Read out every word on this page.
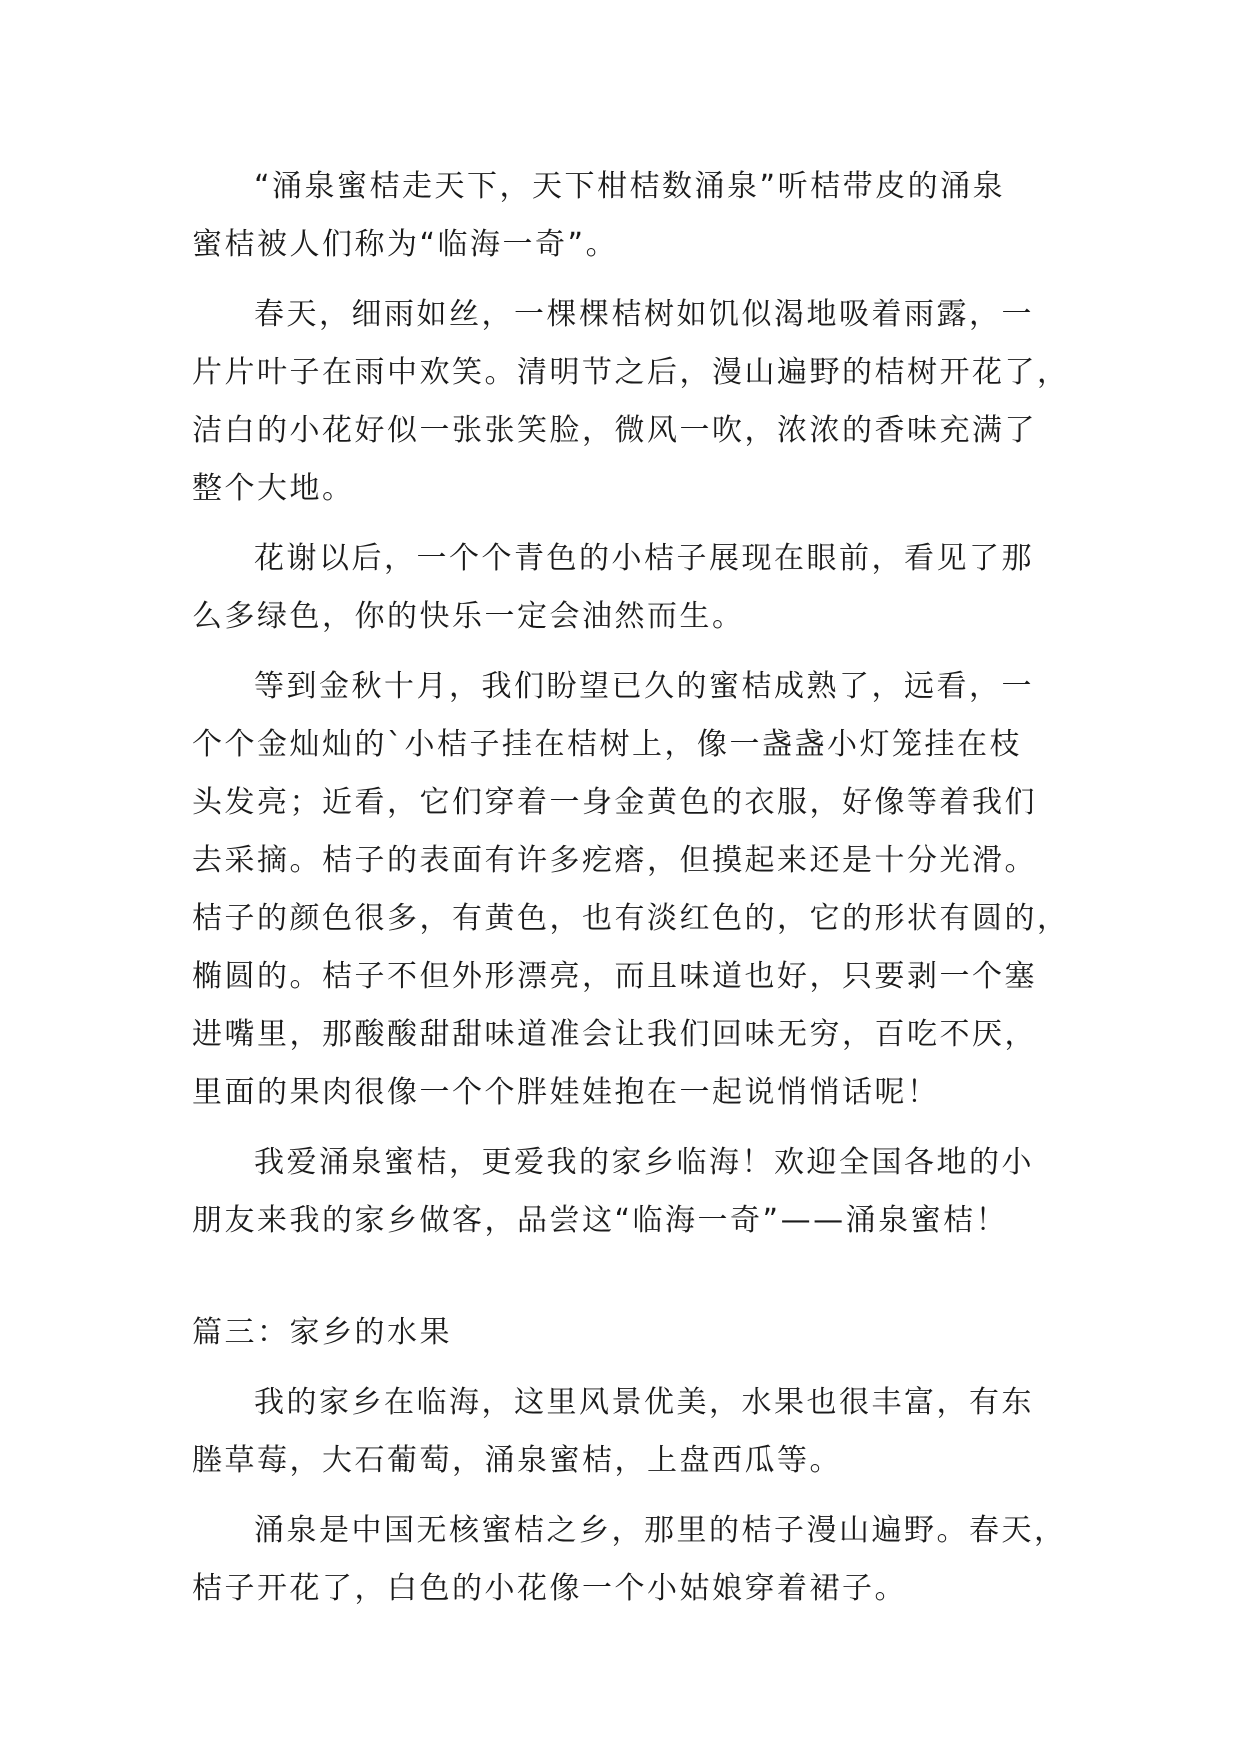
“涌泉蜜桔走天下，天下柑桔数涌泉”听桔带皮的涌泉
蜜桔被人们称为“临海一奇”。
春天，细雨如丝，一棵棵桔树如饥似渴地吸着雨露，一
片片叶子在雨中欢笑。清明节之后，漫山遍野的桔树开花了，
洁白的小花好似一张张笑脸，微风一吹，浓浓的香味充满了
整个大地。
花谢以后，一个个青色的小桔子展现在眼前，看见了那
么多绿色，你的快乐一定会油然而生。
等到金秋十月，我们盼望已久的蜜桔成熟了，远看，一
个个金灿灿的`小桔子挂在桔树上，像一盏盏小灯笼挂在枝
头发亮；近看，它们穿着一身金黄色的衣服，好像等着我们
去采摘。桔子的表面有许多疙瘩，但摸起来还是十分光滑。
桔子的颜色很多，有黄色，也有淡红色的，它的形状有圆的，
椭圆的。桔子不但外形漂亮，而且味道也好，只要剥一个塞
进嘴里，那酸酸甜甜味道准会让我们回味无穷，百吃不厌，
里面的果肉很像一个个胖娃娃抱在一起说悄悄话呢！
我爱涌泉蜜桔，更爱我的家乡临海！欢迎全国各地的小
朋友来我的家乡做客，品尝这“临海一奇”——涌泉蜜桔！
篇三：家乡的水果
我的家乡在临海，这里风景优美，水果也很丰富，有东
塍草莓，大石葡萄，涌泉蜜桔，上盘西瓜等。
涌泉是中国无核蜜桔之乡，那里的桔子漫山遍野。春天，
桔子开花了，白色的小花像一个小姑娘穿着裙子。
